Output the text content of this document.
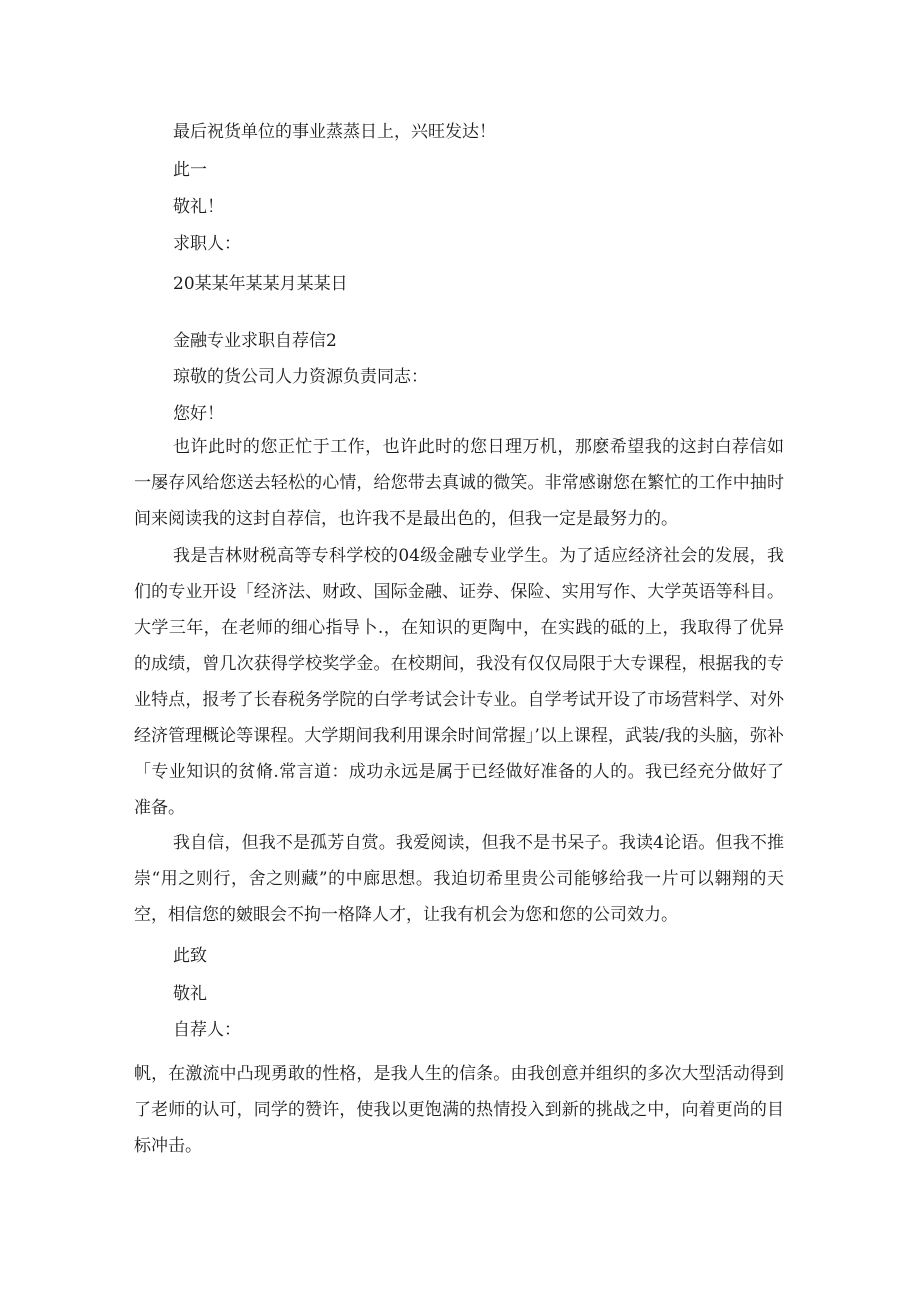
最后祝货单位的事业蒸蒸日上，兴旺发达！
此一
敬礼！
求职人：
20某某年某某月某某日
金融专业求职自荐信2
琼敬的货公司人力资源负责同志：
您好！
也许此时的您正忙于工作，也许此时的您日理万机，那麽希望我的这封白荐信如一屡存风给您送去轻松的心情，给您带去真诚的微笑。非常感谢您在繁忙的工作中抽时间来阅读我的这封自荐信，也许我不是最出色的，但我一定是最努力的。
我是吉林财税高等专科学校的04级金融专业学生。为了适应经济社会的发展，我们的专业开设「经济法、财政、国际金融、证券、保险、实用写作、大学英语等科目。大学三年，在老师的细心指导卜.，在知识的更陶中，在实践的砥的上，我取得了优异的成绩，曾几次获得学校奖学金。在校期间，我没有仅仅局限于大专课程，根据我的专业特点，报考了长春税务学院的白学考试会计专业。自学考试开设了市场营料学、对外经济管理概论等课程。大学期间我利用课余时间常握」’以上课程，武装/我的头脑，弥补「专业知识的贫脩.常言道：成功永远是属于已经做好准备的人的。我已经充分做好了准备。
我自信，但我不是孤芳自赏。我爱阅读，但我不是书呆子。我读4论语。但我不推崇“用之则行，舍之则藏”的中廊思想。我迫切希里贵公司能够给我一片可以翱翔的天空，相信您的皴眼会不拘一格降人才，让我有机会为您和您的公司效力。
此致
敬礼
自荐人：
帆，在激流中凸现勇敢的性格，是我人生的信条。由我创意并组织的多次大型活动得到了老师的认可，同学的赞许，使我以更饱满的热情投入到新的挑战之中，向着更尚的目标冲击。
